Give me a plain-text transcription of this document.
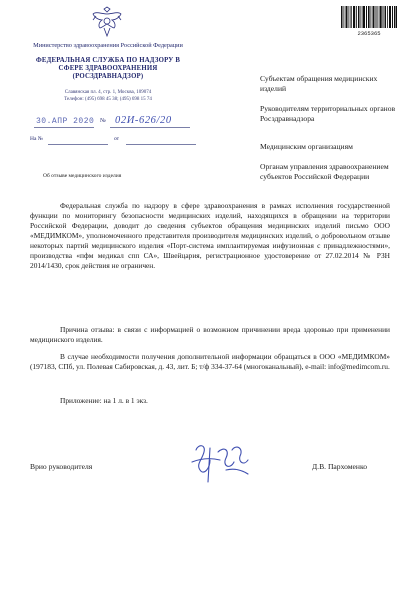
Министерство здравоохранения Российской Федерации
ФЕДЕРАЛЬНАЯ СЛУЖБА ПО НАДЗОРУ В СФЕРЕ ЗДРАВООХРАНЕНИЯ (РОСЗДРАВНАДЗОР)
Славянская пл. 4, стр. 1, Москва, 109074
Телефон: (495) 698 45 38; (495) 698 15 74
30.АПР 2020 № 02И-626/20
На №	от
Об отзыве медицинского изделия
2365365
Субъектам обращения медицинских изделий
Руководителям территориальных органов Росздравнадзора
Медицинским организациям
Органам управления здравоохранением субъектов Российской Федерации
Федеральная служба по надзору в сфере здравоохранения в рамках исполнения государственной функции по мониторингу безопасности медицинских изделий, находящихся в обращении на территории Российской Федерации, доводит до сведения субъектов обращения медицинских изделий письмо ООО «МЕДИМКОМ», уполномоченного представителя производителя медицинских изделий, о добровольном отзыве некоторых партий медицинского изделия «Порт-система имплантируемая инфузионная с принадлежностями», производства «пфм медикал спп СА», Швейцария, регистрационное удостоверение от 27.02.2014 № РЗН 2014/1430, срок действия не ограничен.
Причина отзыва: в связи с информацией о возможном причинении вреда здоровью при применении медицинского изделия.
В случае необходимости получения дополнительной информации обращаться в ООО «МЕДИМКОМ» (197183, СПб, ул. Полевая Сабировская, д. 43, лит. Б; т/ф 334-37-64 (многоканальный), e-mail: info@medimcom.ru.
Приложение: на 1 л. в 1 экз.
Врио руководителя	Д.В. Пархоменко
